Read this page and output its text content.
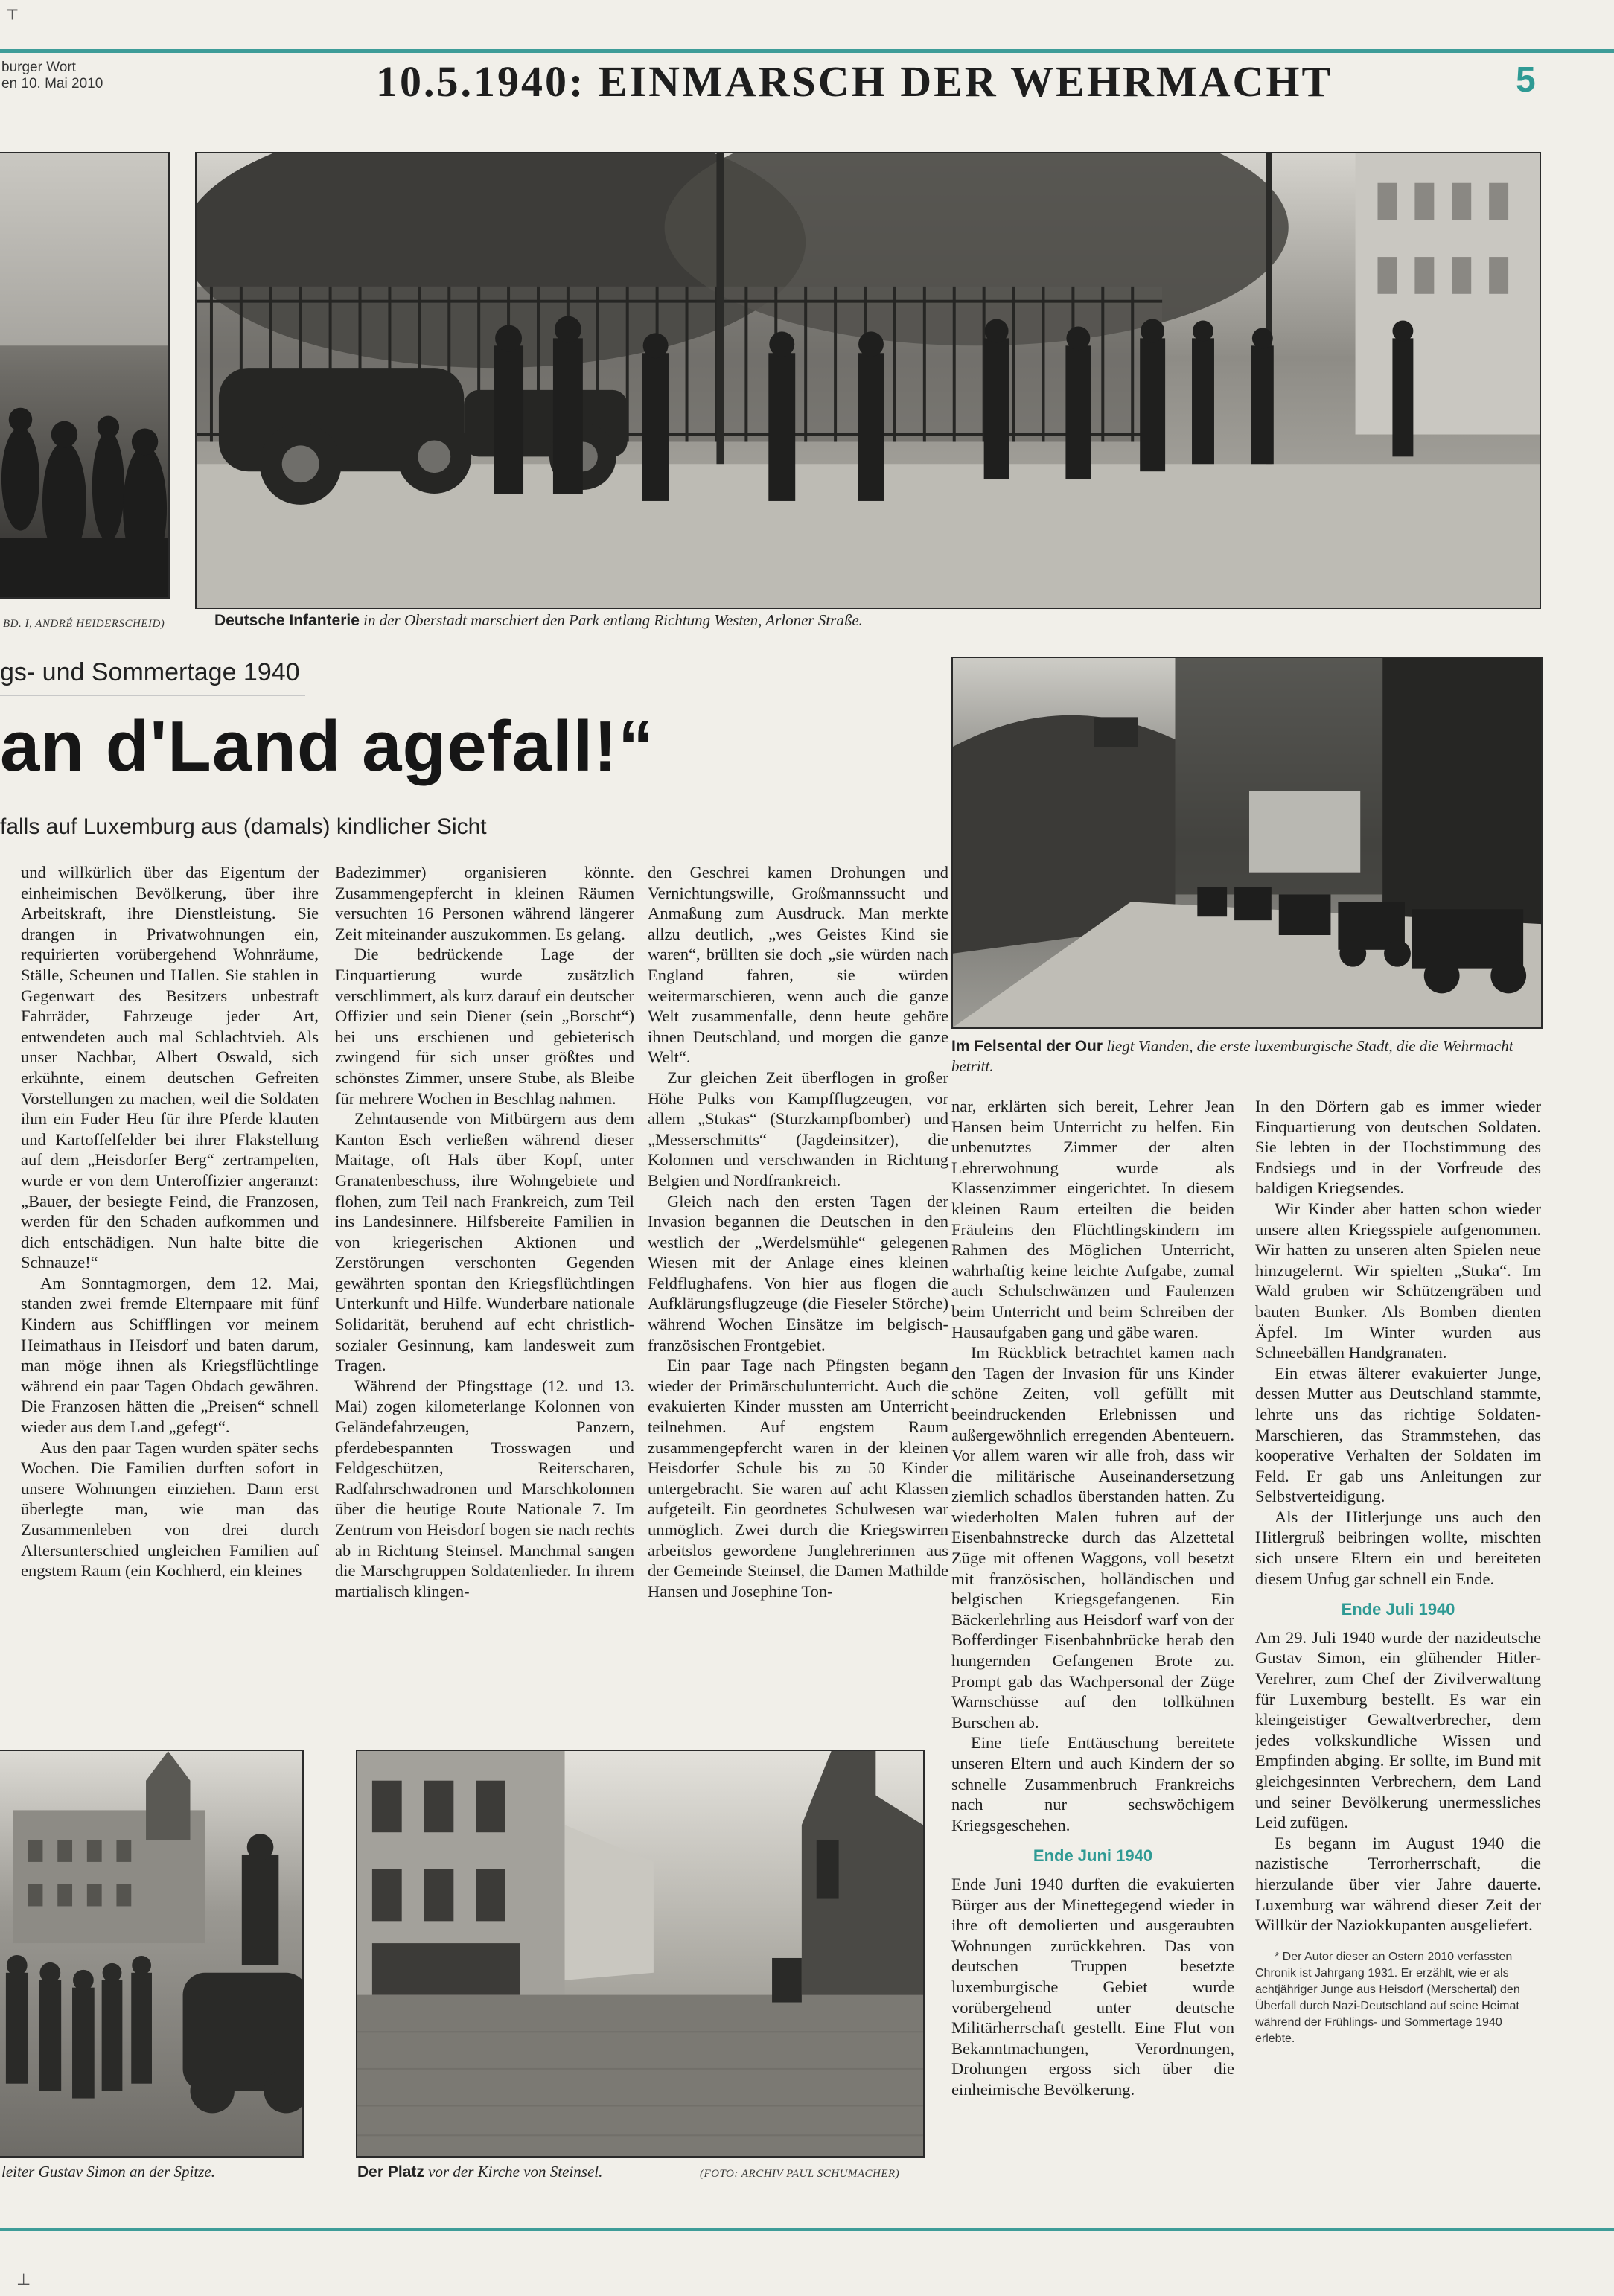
┬
⊥
burger Wort
en 10. Mai 2010	10.5.1940: EINMARSCH DER WEHRMACHT	5
BD. I, ANDRÉ HEIDERSCHEID)	Deutsche Infanterie in der Oberstadt marschiert den Park entlang Richtung Westen, Arloner Straße.
gs- und Sommertage 1940
an d'Land agefall!“
falls auf Luxemburg aus (damals) kindlicher Sicht
Im Felsental der Our liegt Vianden, die erste luxemburgische Stadt, die die Wehrmacht betritt.

und willkürlich über das Eigentum der einheimischen Bevölkerung, über ihre Arbeitskraft, ihre Dienstleistung. Sie drangen in Privatwohnungen ein, requirierten vorübergehend Wohnräume, Ställe, Scheunen und Hallen. Sie stahlen in Gegenwart des Besitzers unbestraft Fahrräder, Fahrzeuge jeder Art, entwendeten auch mal Schlachtvieh. Als unser Nachbar, Albert Oswald, sich erkühnte, einem deutschen Gefreiten Vorstellungen zu machen, weil die Soldaten ihm ein Fuder Heu für ihre Pferde klauten und Kartoffelfelder bei ihrer Flakstellung auf dem „Heisdorfer Berg“ zertrampelten, wurde er von dem Unteroffizier angeranzt: „Bauer, der besiegte Feind, die Franzosen, werden für den Schaden aufkommen und dich entschädigen. Nun halte bitte die Schnauze!“

Am Sonntagmorgen, dem 12. Mai, standen zwei fremde Elternpaare mit fünf Kindern aus Schifflingen vor meinem Heimathaus in Heisdorf und baten darum, man möge ihnen als Kriegsflüchtlinge während ein paar Tagen Obdach gewähren. Die Franzosen hätten die „Preisen“ schnell wieder aus dem Land „gefegt“.

Aus den paar Tagen wurden später sechs Wochen. Die Familien durften sofort in unsere Wohnungen einziehen. Dann erst überlegte man, wie man das Zusammenleben von drei durch Altersunterschied ungleichen Familien auf engstem Raum (ein Kochherd, ein kleines

Badezimmer) organisieren könnte. Zusammengepfercht in kleinen Räumen versuchten 16 Personen während längerer Zeit miteinander auszukommen. Es gelang.

Die bedrückende Lage der Einquartierung wurde zusätzlich verschlimmert, als kurz darauf ein deutscher Offizier und sein Diener (sein „Borscht“) bei uns erschienen und gebieterisch zwingend für sich unser größtes und schönstes Zimmer, unsere Stube, als Bleibe für mehrere Wochen in Beschlag nahmen.

Zehntausende von Mitbürgern aus dem Kanton Esch verließen während dieser Maitage, oft Hals über Kopf, unter Granatenbeschuss, ihre Wohngebiete und flohen, zum Teil nach Frankreich, zum Teil ins Landesinnere. Hilfsbereite Familien in von kriegerischen Aktionen und Zerstörungen verschonten Gegenden gewährten spontan den Kriegsflüchtlingen Unterkunft und Hilfe. Wunderbare nationale Solidarität, beruhend auf echt christlich-sozialer Gesinnung, kam landesweit zum Tragen.

Während der Pfingsttage (12. und 13. Mai) zogen kilometerlange Kolonnen von Geländefahrzeugen, Panzern, pferdebespannten Trosswagen und Feldgeschützen, Reiterscharen, Radfahrschwadronen und Marschkolonnen über die heutige Route Nationale 7. Im Zentrum von Heisdorf bogen sie nach rechts ab in Richtung Steinsel. Manchmal sangen die Marschgruppen Soldatenlieder. In ihrem martialisch klingen-

den Geschrei kamen Drohungen und Vernichtungswille, Großmannssucht und Anmaßung zum Ausdruck. Man merkte allzu deutlich, „wes Geistes Kind sie waren“, brüllten sie doch „sie würden nach England fahren, sie würden weitermarschieren, wenn auch die ganze Welt zusammenfalle, denn heute gehöre ihnen Deutschland, und morgen die ganze Welt“.

Zur gleichen Zeit überflogen in großer Höhe Pulks von Kampfflugzeugen, vor allem „Stukas“ (Sturzkampfbomber) und „Messerschmitts“ (Jagdeinsitzer), die Kolonnen und verschwanden in Richtung Belgien und Nordfrankreich.

Gleich nach den ersten Tagen der Invasion begannen die Deutschen in den westlich der „Werdelsmühle“ gelegenen Wiesen mit der Anlage eines kleinen Feldflughafens. Von hier aus flogen die Aufklärungsflugzeuge (die Fieseler Störche) während Wochen Einsätze im belgisch-französischen Frontgebiet.

Ein paar Tage nach Pfingsten begann wieder der Primärschulunterricht. Auch die evakuierten Kinder mussten am Unterricht teilnehmen. Auf engstem Raum zusammengepfercht waren in der kleinen Heisdorfer Schule bis zu 50 Kinder untergebracht. Sie waren auf acht Klassen aufgeteilt. Ein geordnetes Schulwesen war unmöglich. Zwei durch die Kriegswirren arbeitslos gewordene Junglehrerinnen aus der Gemeinde Steinsel, die Damen Mathilde Hansen und Josephine Ton-

nar, erklärten sich bereit, Lehrer Jean Hansen beim Unterricht zu helfen. Ein unbenutztes Zimmer der alten Lehrerwohnung wurde als Klassenzimmer eingerichtet. In diesem kleinen Raum erteilten die beiden Fräuleins den Flüchtlingskindern im Rahmen des Möglichen Unterricht, wahrhaftig keine leichte Aufgabe, zumal auch Schulschwänzen und Faulenzen beim Unterricht und beim Schreiben der Hausaufgaben gang und gäbe waren.

Im Rückblick betrachtet kamen nach den Tagen der Invasion für uns Kinder schöne Zeiten, voll gefüllt mit beeindruckenden Erlebnissen und außergewöhnlich erregenden Abenteuern. Vor allem waren wir alle froh, dass wir die militärische Auseinandersetzung ziemlich schadlos überstanden hatten. Zu wiederholten Malen fuhren auf der Eisenbahnstrecke durch das Alzettetal Züge mit offenen Waggons, voll besetzt mit französischen, holländischen und belgischen Kriegsgefangenen. Ein Bäckerlehrling aus Heisdorf warf von der Bofferdinger Eisenbahnbrücke herab den hungernden Gefangenen Brote zu. Prompt gab das Wachpersonal der Züge Warnschüsse auf den tollkühnen Burschen ab.

Eine tiefe Enttäuschung bereitete unseren Eltern und auch Kindern der so schnelle Zusammenbruch Frankreichs nach nur sechswöchigem Kriegsgeschehen.

Ende Juni 1940

Ende Juni 1940 durften die evakuierten Bürger aus der Minettegegend wieder in ihre oft demolierten und ausgeraubten Wohnungen zurückkehren. Das von deutschen Truppen besetzte luxemburgische Gebiet wurde vorübergehend unter deutsche Militärherrschaft gestellt. Eine Flut von Bekanntmachungen, Verordnungen, Drohungen ergoss sich über die einheimische Bevölkerung.

In den Dörfern gab es immer wieder Einquartierung von deutschen Soldaten. Sie lebten in der Hochstimmung des Endsiegs und in der Vorfreude des baldigen Kriegsendes.

Wir Kinder aber hatten schon wieder unsere alten Kriegsspiele aufgenommen. Wir hatten zu unseren alten Spielen neue hinzugelernt. Wir spielten „Stuka“. Im Wald gruben wir Schützengräben und bauten Bunker. Als Bomben dienten Äpfel. Im Winter wurden aus Schneebällen Handgranaten.

Ein etwas älterer evakuierter Junge, dessen Mutter aus Deutschland stammte, lehrte uns das richtige Soldaten-Marschieren, das Strammstehen, das kooperative Verhalten der Soldaten im Feld. Er gab uns Anleitungen zur Selbstverteidigung.

Als der Hitlerjunge uns auch den Hitlergruß beibringen wollte, mischten sich unsere Eltern ein und bereiteten diesem Unfug gar schnell ein Ende.

Ende Juli 1940

Am 29. Juli 1940 wurde der nazideutsche Gustav Simon, ein glühender Hitler-Verehrer, zum Chef der Zivilverwaltung für Luxemburg bestellt. Es war ein kleingeistiger Gewaltverbrecher, dem jedes volkskundliche Wissen und Empfinden abging. Er sollte, im Bund mit gleichgesinnten Verbrechern, dem Land und seiner Bevölkerung unermessliches Leid zufügen.

Es begann im August 1940 die nazistische Terrorherrschaft, die hierzulande über vier Jahre dauerte. Luxemburg war während dieser Zeit der Willkür der Naziokkupanten ausgeliefert.

* Der Autor dieser an Ostern 2010 verfassten Chronik ist Jahrgang 1931. Er erzählt, wie er als achtjähriger Junge aus Heisdorf (Merschertal) den Überfall durch Nazi-Deutschland auf seine Heimat während der Frühlings- und Sommertage 1940 erlebte.

leiter Gustav Simon an der Spitze.	Der Platz vor der Kirche von Steinsel.	(FOTO: ARCHIV PAUL SCHUMACHER)
